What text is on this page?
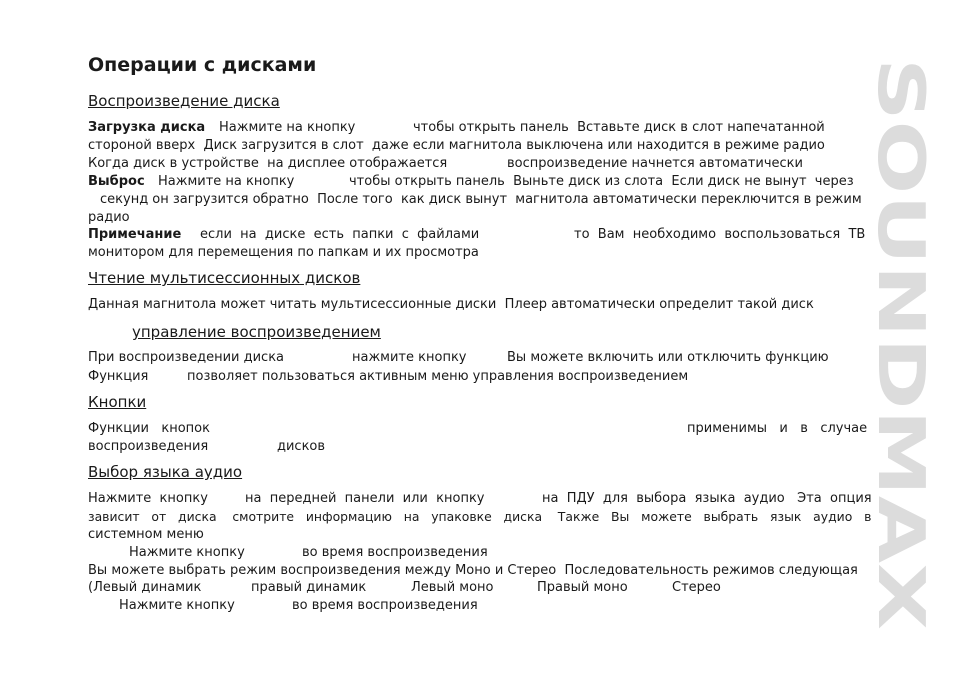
Операции с дисками
Воспроизведение диска
Загрузка диска Нажмите на кнопку	чтобы открыть панель  Вставьте диск в слот напечатанной
стороной вверх  Диск загрузится в слот  даже если магнитола выключена или находится в режиме радио
Когда диск в устройстве  на дисплее отображается	воспроизведение начнется автоматически
Выброс Нажмите на кнопку	чтобы открыть панель  Выньте диск из слота  Если диск не вынут  через
секунд он загрузится обратно  После того  как диск вынут  магнитола автоматически переключится в режим
радио
Примечание если  на  диске  есть  папки  с  файлами	то  Вам  необходимо  воспользоваться  ТВ
монитором для перемещения по папкам и их просмотра
Чтение мультисессионных дисков
Данная магнитола может читать мультисессионные диски  Плеер автоматически определит такой диск
управление воспроизведением
При воспроизведении диска	нажмите кнопку	Вы можете включить или отключить функцию
Функция	позволяет пользоваться активным меню управления воспроизведением
Кнопки
Функции   кнопок	применимы   и   в   случае
воспроизведения	дисков
Выбор языка аудио
Нажмите  кнопку	на  передней  панели  или  кнопку	на  ПДУ  для  выбора  языка  аудио   Эта  опция
зависит   от   диска    смотрите   информацию   на   упаковке   диска    Также   Вы   можете   выбрать   язык   аудио   в
системном меню
Нажмите кнопку	во время воспроизведения
Вы можете выбрать режим воспроизведения между Моно и Стерео  Последовательность режимов следующая
(Левый динамик	правый динамик	Левый моно	Правый моно	Стерео
Нажмите кнопку	во время воспроизведения
SOUNDMAX
